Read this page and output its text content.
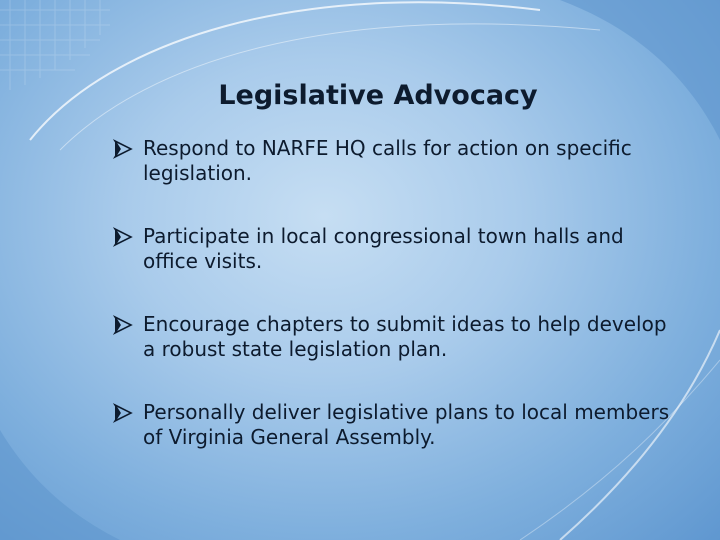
Legislative Advocacy
Respond to NARFE HQ calls for action on specific legislation.
Participate in local congressional town halls and office visits.
Encourage chapters to submit ideas to help develop a robust state legislation plan.
Personally deliver legislative plans to local members of Virginia General Assembly.
